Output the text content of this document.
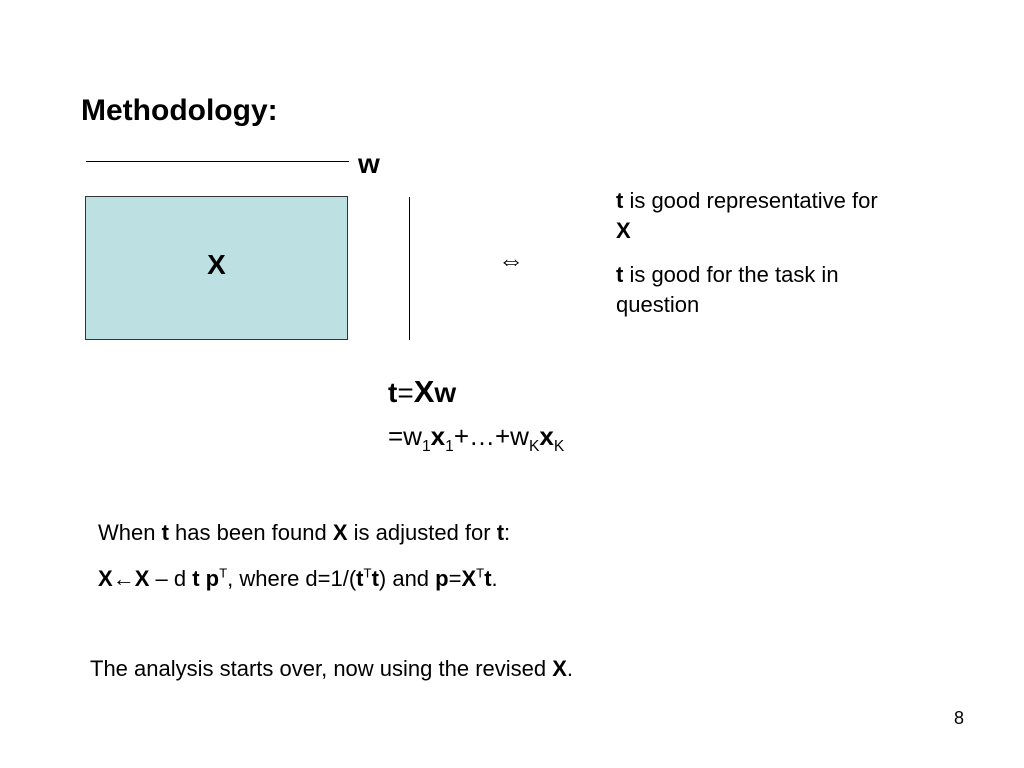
Methodology:
w
X	⇔

t is good representative for X

t is good for the task in question

t=Xw
$=w_1x_1+\dots+w_Kx_K$
When t has been found X is adjusted for t:
X←X – d t $p^T$, where $d=1/(t^Tt)$ and $p=X^Tt$.
The analysis starts over, now using the revised X.
8
